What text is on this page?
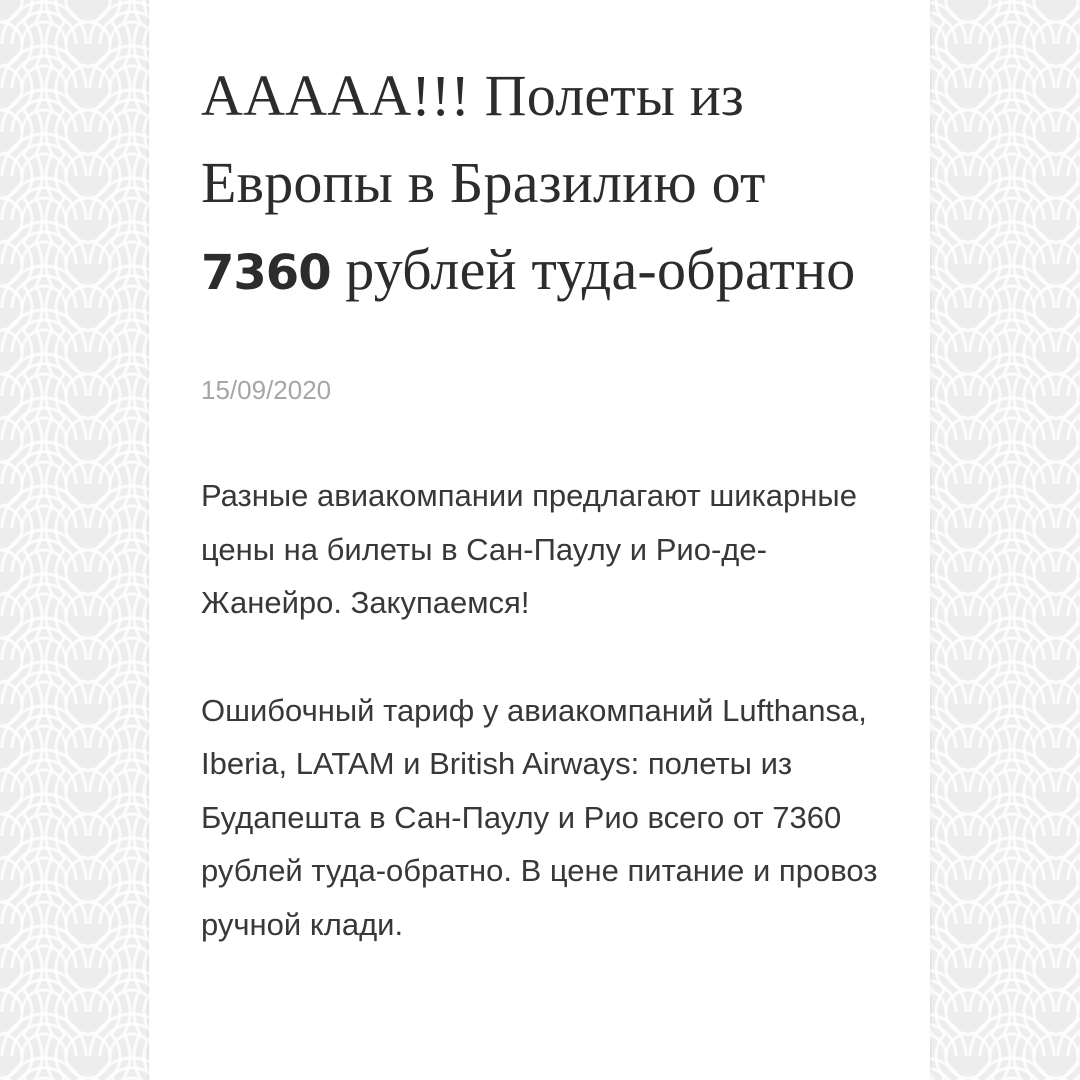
ААААА!!! Полеты из Европы в Бразилию от 7360 рублей туда-обратно
15/09/2020

Разные авиакомпании предлагают шикарные цены на билеты в Сан-Паулу и Рио-де-Жанейро. Закупаемся!

Ошибочный тариф у авиакомпаний Lufthansa, Iberia, LATAM и British Airways: полеты из Будапешта в Сан-Паулу и Рио всего от 7360 рублей туда-обратно. В цене питание и провоз ручной клади.
